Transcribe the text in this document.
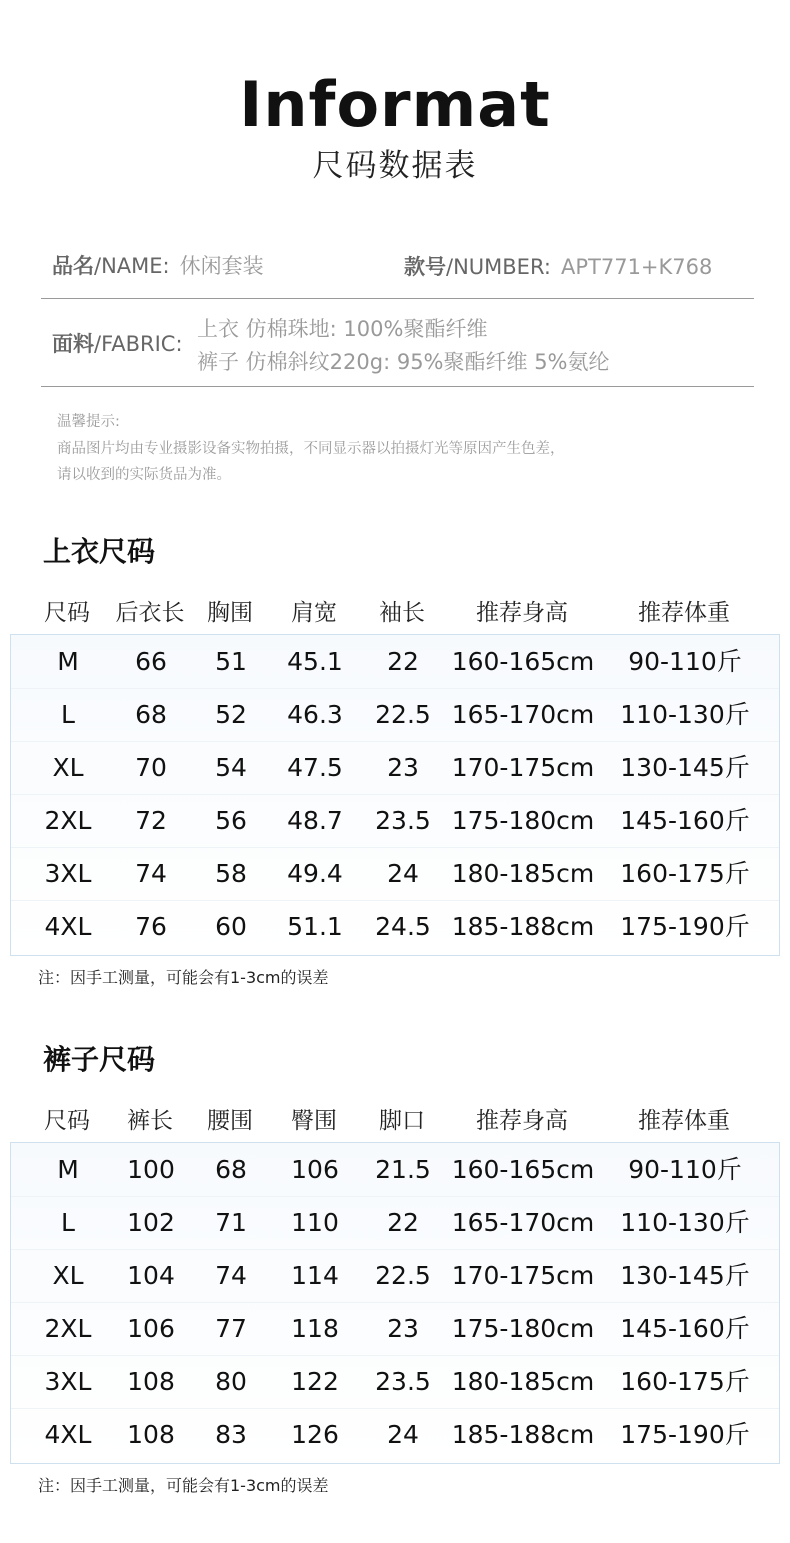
Informat
尺码数据表
品名/NAME: 休闲套装	款号/NUMBER: APT771+K768
面料/FABRIC:
上衣 仿棉珠地: 100%聚酯纤维
裤子 仿棉斜纹220g: 95%聚酯纤维 5%氨纶
温馨提示:
商品图片均由专业摄影设备实物拍摄，不同显示器以拍摄灯光等原因产生色差，
请以收到的实际货品为准。
上衣尺码
尺码	后衣长 胸围	肩宽	袖长	推荐身高	推荐体重
M	66	51	45.1	22	160-165cm	90-110斤
L	68	52	46.3	22.5 165-170cm	110-130斤
XL	70	54	47.5	23	170-175cm	130-145斤
2XL	72	56	48.7	23.5 175-180cm	145-160斤
3XL	74	58	49.4	24	180-185cm	160-175斤
4XL	76	60	51.1	24.5 185-188cm	175-190斤
注：因手工测量，可能会有1-3cm的误差
裤子尺码
尺码	裤长	腰围	臀围	脚口	推荐身高	推荐体重
M	100	68	106	21.5 160-165cm	90-110斤
L	102	71	110	22	165-170cm	110-130斤
XL	104	74	114	22.5 170-175cm	130-145斤
2XL	106	77	118	23	175-180cm	145-160斤
3XL	108	80	122	23.5 180-185cm	160-175斤
4XL	108	83	126	24	185-188cm	175-190斤
注：因手工测量，可能会有1-3cm的误差
